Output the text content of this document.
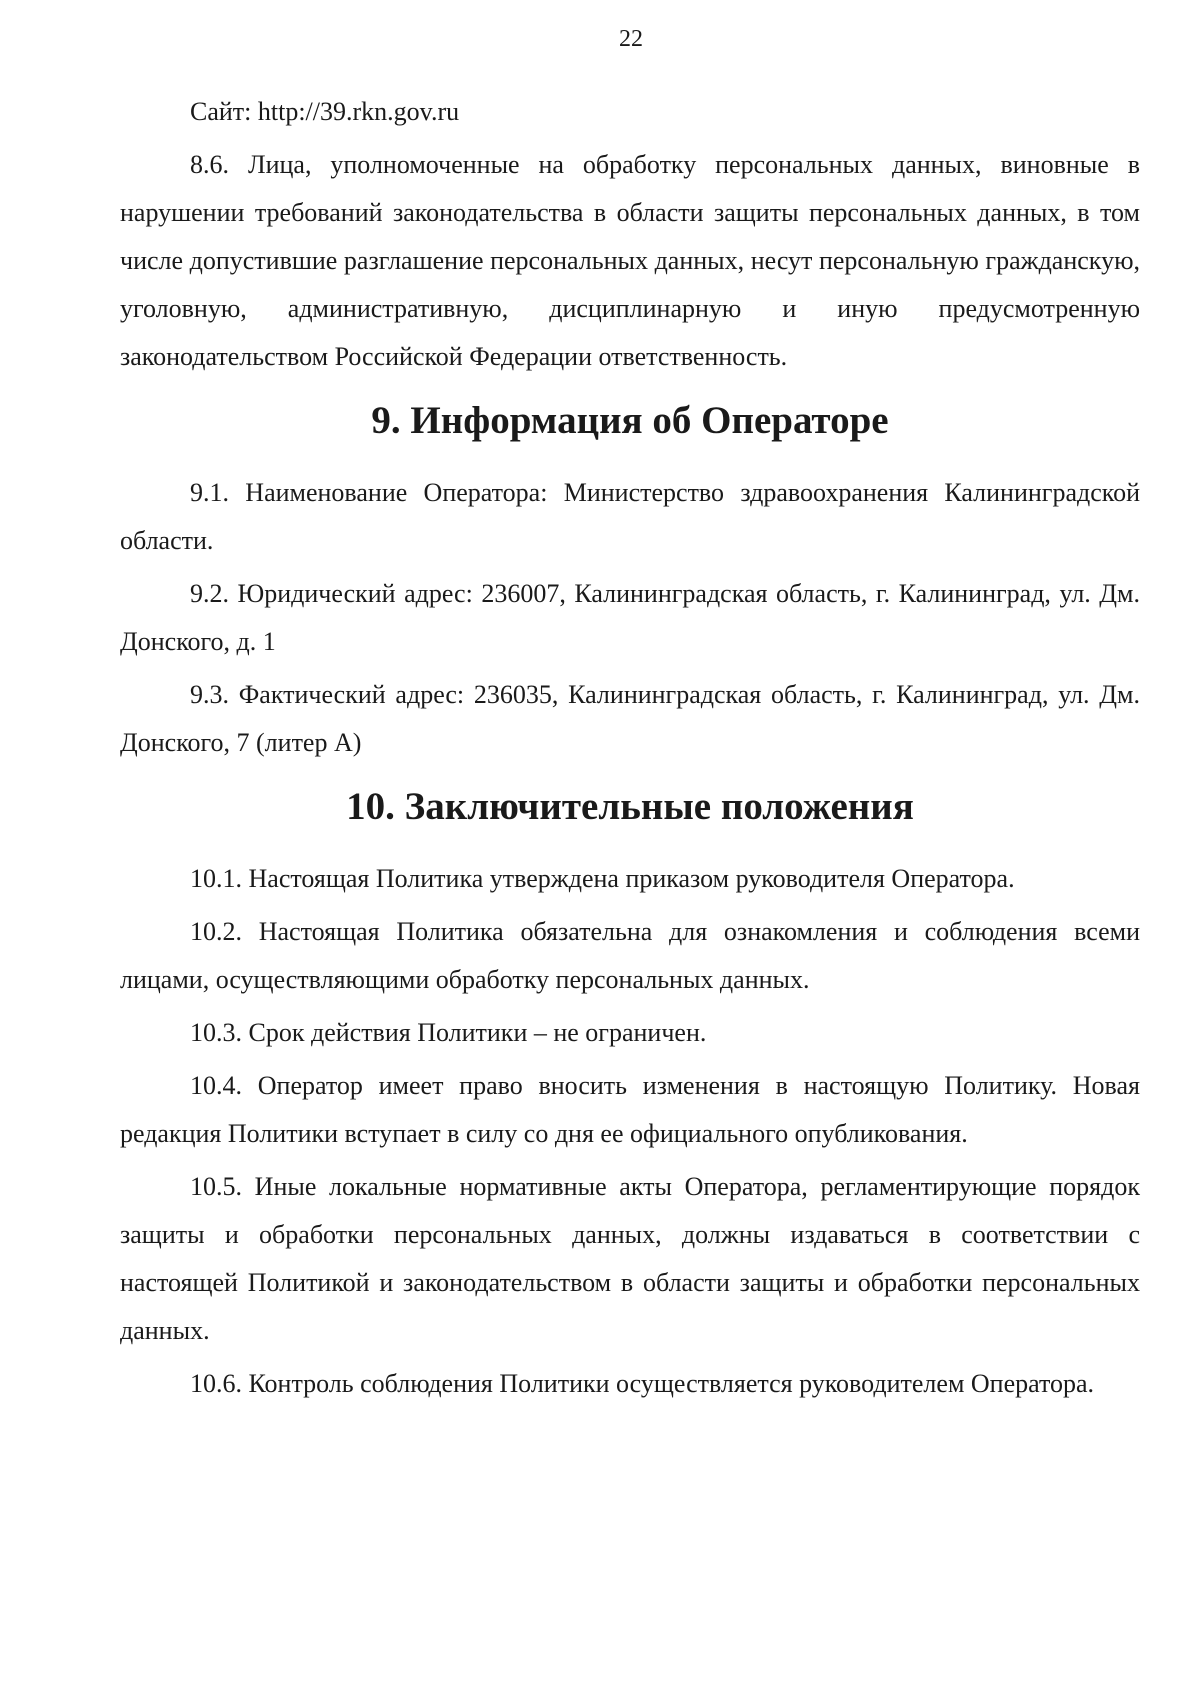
22

Сайт: http://39.rkn.gov.ru

8.6. Лица, уполномоченные на обработку персональных данных, виновные в нарушении требований законодательства в области защиты персональных данных, в том числе допустившие разглашение персональных данных, несут персональную гражданскую, уголовную, административную, дисциплинарную и иную предусмотренную законодательством Российской Федерации ответственность.

9. Информация об Операторе

9.1. Наименование Оператора: Министерство здравоохранения Калининградской области.

9.2. Юридический адрес: 236007, Калининградская область, г. Калининград, ул. Дм. Донского, д. 1

9.3. Фактический адрес: 236035, Калининградская область, г. Калининград, ул. Дм. Донского, 7 (литер А)

10. Заключительные положения

10.1. Настоящая Политика утверждена приказом руководителя Оператора.

10.2. Настоящая Политика обязательна для ознакомления и соблюдения всеми лицами, осуществляющими обработку персональных данных.

10.3. Срок действия Политики – не ограничен.

10.4. Оператор имеет право вносить изменения в настоящую Политику. Новая редакция Политики вступает в силу со дня ее официального опубликования.

10.5. Иные локальные нормативные акты Оператора, регламентирующие порядок защиты и обработки персональных данных, должны издаваться в соответствии с настоящей Политикой и законодательством в области защиты и обработки персональных данных.

10.6. Контроль соблюдения Политики осуществляется руководителем Оператора.
